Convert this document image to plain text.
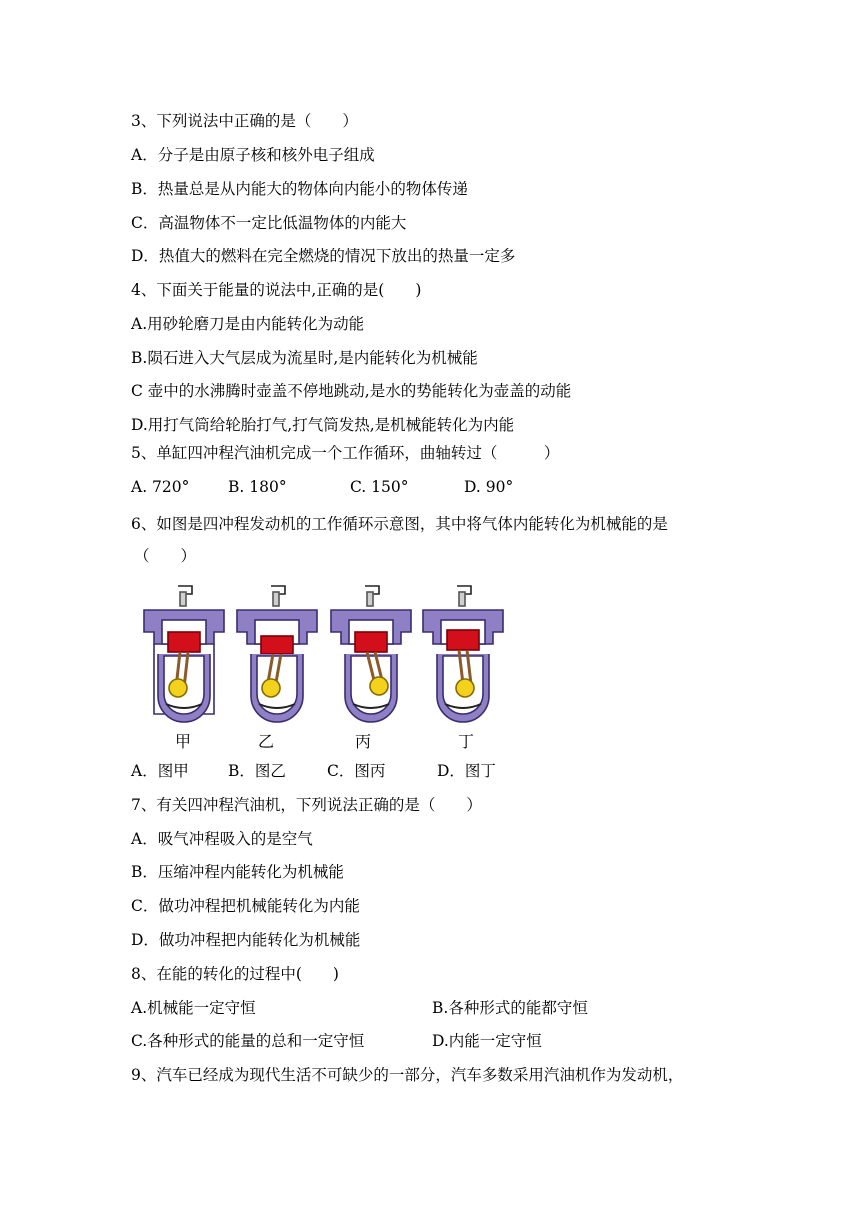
3、下列说法中正确的是（　　）
A．分子是由原子核和核外电子组成
B．热量总是从内能大的物体向内能小的物体传递
C．高温物体不一定比低温物体的内能大
D．热值大的燃料在完全燃烧的情况下放出的热量一定多
4、下面关于能量的说法中,正确的是(　　)
A.用砂轮磨刀是由内能转化为动能
B.陨石进入大气层成为流星时,是内能转化为机械能
C 壶中的水沸腾时壶盖不停地跳动,是水的势能转化为壶盖的动能
D.用打气筒给轮胎打气,打气筒发热,是机械能转化为内能
5、单缸四冲程汽油机完成一个工作循环，曲轴转过（　　　）
A. 720° B. 180°	C. 150°	D. 90°
6、如图是四冲程发动机的工作循环示意图，其中将气体内能转化为机械能的是
（　　）
甲	乙	丙	丁
A．图甲	B．图乙	C．图丙	D．图丁
7、有关四冲程汽油机，下列说法正确的是（　　）
A．吸气冲程吸入的是空气
B．压缩冲程内能转化为机械能
C．做功冲程把机械能转化为内能
D．做功冲程把内能转化为机械能
8、在能的转化的过程中(　　)
A.机械能一定守恒	B.各种形式的能都守恒
C.各种形式的能量的总和一定守恒	D.内能一定守恒
9、汽车已经成为现代生活不可缺少的一部分，汽车多数采用汽油机作为发动机，
